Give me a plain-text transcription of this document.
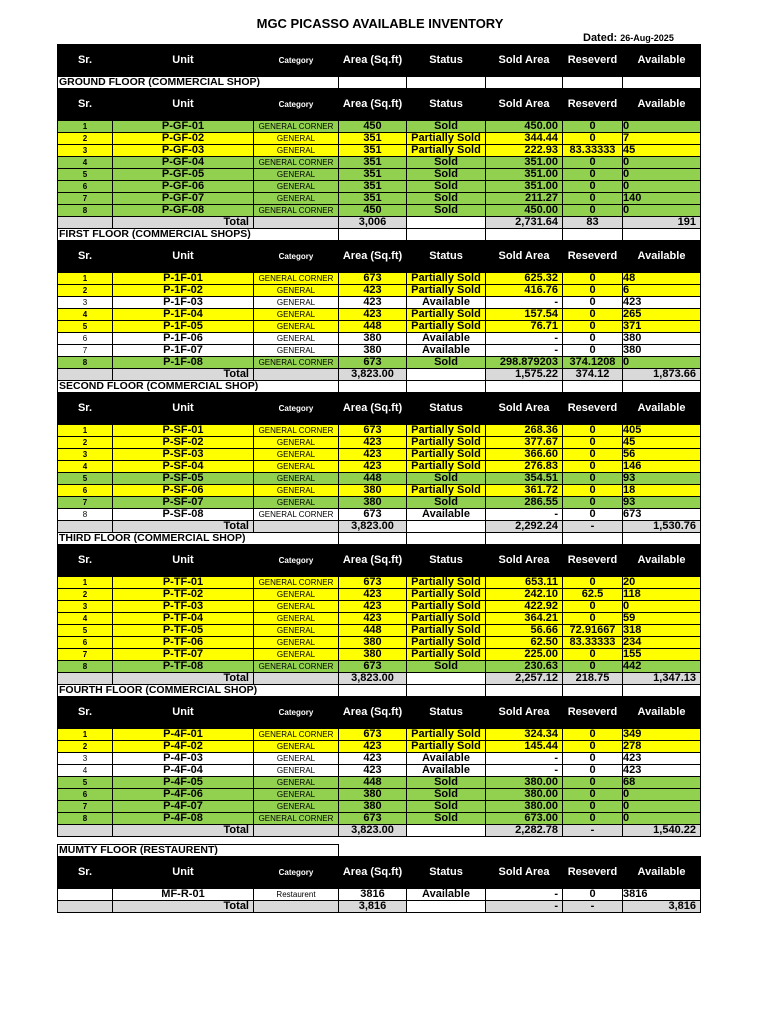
MGC PICASSO AVAILABLE INVENTORY
Dated: 26-Aug-2025
Sr.	Unit	Category	Area (Sq.ft)	Status	Sold Area	Reseverd	Available
GROUND FLOOR (COMMERCIAL SHOP)							
Sr.	Unit	Category	Area (Sq.ft)	Status	Sold Area	Reseverd	Available
1	P-GF-01	GENERAL CORNER	450	Sold	450.00	0	0
2	P-GF-02	GENERAL	351	Partially Sold	344.44	0	7
3	P-GF-03	GENERAL	351	Partially Sold	222.93	83.33333	45
4	P-GF-04	GENERAL CORNER	351	Sold	351.00	0	0
5	P-GF-05	GENERAL	351	Sold	351.00	0	0
6	P-GF-06	GENERAL	351	Sold	351.00	0	0
7	P-GF-07	GENERAL	351	Sold	211.27	0	140
8	P-GF-08	GENERAL CORNER	450	Sold	450.00	0	0
	Total		3,006		2,731.64	83	191
FIRST FLOOR (COMMERCIAL SHOPS)							
Sr.	Unit	Category	Area (Sq.ft)	Status	Sold Area	Reseverd	Available
1	P-1F-01	GENERAL CORNER	673	Partially Sold	625.32	0	48
2	P-1F-02	GENERAL	423	Partially Sold	416.76	0	6
3	P-1F-03	GENERAL	423	Available	-	0	423
4	P-1F-04	GENERAL	423	Partially Sold	157.54	0	265
5	P-1F-05	GENERAL	448	Partially Sold	76.71	0	371
6	P-1F-06	GENERAL	380	Available	-	0	380
7	P-1F-07	GENERAL	380	Available	-	0	380
8	P-1F-08	GENERAL CORNER	673	Sold	298.879203	374.1208	0
	Total		3,823.00		1,575.22	374.12	1,873.66
SECOND FLOOR (COMMERCIAL SHOP)							
Sr.	Unit	Category	Area (Sq.ft)	Status	Sold Area	Reseverd	Available
1	P-SF-01	GENERAL CORNER	673	Partially Sold	268.36	0	405
2	P-SF-02	GENERAL	423	Partially Sold	377.67	0	45
3	P-SF-03	GENERAL	423	Partially Sold	366.60	0	56
4	P-SF-04	GENERAL	423	Partially Sold	276.83	0	146
5	P-SF-05	GENERAL	448	Sold	354.51	0	93
6	P-SF-06	GENERAL	380	Partially Sold	361.72	0	18
7	P-SF-07	GENERAL	380	Sold	286.55	0	93
8	P-SF-08	GENERAL CORNER	673	Available	-	0	673
	Total		3,823.00		2,292.24	-	1,530.76
THIRD FLOOR (COMMERCIAL SHOP)							
Sr.	Unit	Category	Area (Sq.ft)	Status	Sold Area	Reseverd	Available
1	P-TF-01	GENERAL CORNER	673	Partially Sold	653.11	0	20
2	P-TF-02	GENERAL	423	Partially Sold	242.10	62.5	118
3	P-TF-03	GENERAL	423	Partially Sold	422.92	0	0
4	P-TF-04	GENERAL	423	Partially Sold	364.21	0	59
5	P-TF-05	GENERAL	448	Partially Sold	56.66	72.91667	318
6	P-TF-06	GENERAL	380	Partially Sold	62.50	83.33333	234
7	P-TF-07	GENERAL	380	Partially Sold	225.00	0	155
8	P-TF-08	GENERAL CORNER	673	Sold	230.63	0	442
	Total		3,823.00		2,257.12	218.75	1,347.13
FOURTH FLOOR (COMMERCIAL SHOP)							
Sr.	Unit	Category	Area (Sq.ft)	Status	Sold Area	Reseverd	Available
1	P-4F-01	GENERAL CORNER	673	Partially Sold	324.34	0	349
2	P-4F-02	GENERAL	423	Partially Sold	145.44	0	278
3	P-4F-03	GENERAL	423	Available	-	0	423
4	P-4F-04	GENERAL	423	Available	-	0	423
5	P-4F-05	GENERAL	448	Sold	380.00	0	68
6	P-4F-06	GENERAL	380	Sold	380.00	0	0
7	P-4F-07	GENERAL	380	Sold	380.00	0	0
8	P-4F-08	GENERAL CORNER	673	Sold	673.00	0	0
	Total		3,823.00		2,282.78	-	1,540.22

MUMTY FLOOR (RESTAURENT)							
Sr.	Unit	Category	Area (Sq.ft)	Status	Sold Area	Reseverd	Available
	MF-R-01	Restaurent	3816	Available	-	0	3816
	Total		3,816		-	-	3,816
